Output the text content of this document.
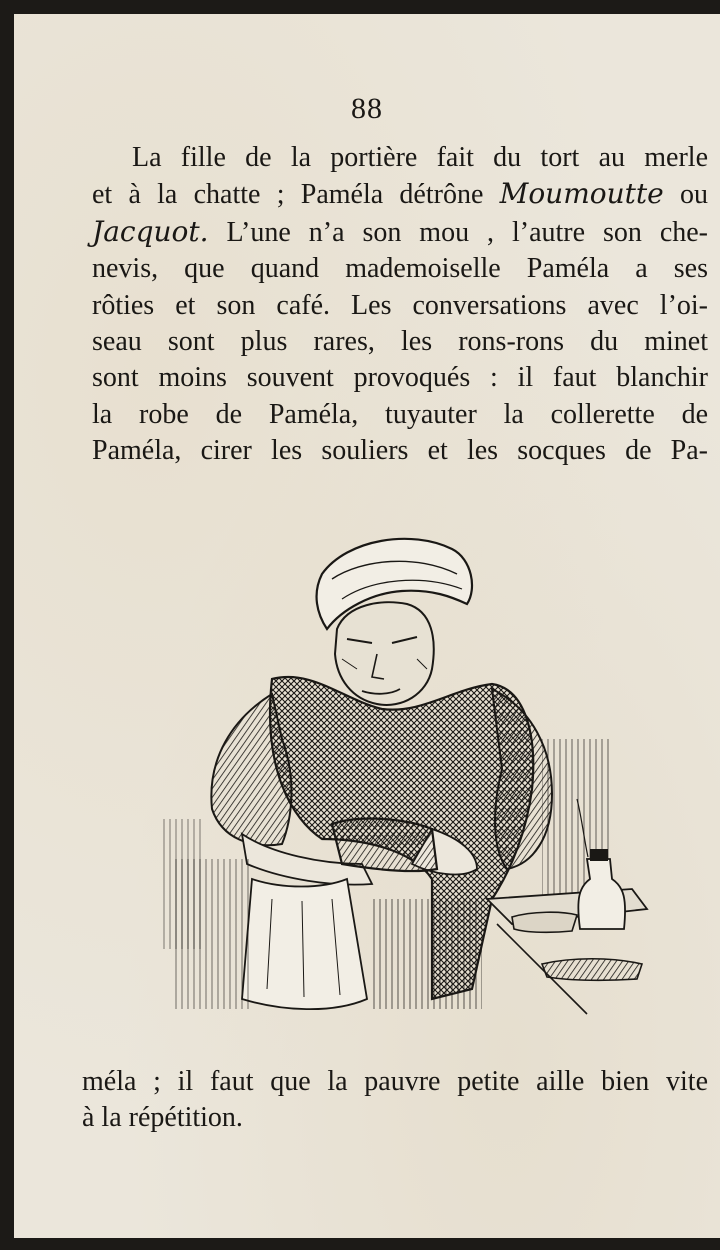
88
La fille de la portière fait du tort au merle
et à la chatte ; Paméla détrône Moumoutte ou
Jacquot. L’une n’a son mou , l’autre son che-
nevis, que quand mademoiselle Paméla a ses
rôties et son café. Les conversations avec l’oi-
seau sont plus rares, les rons-rons du minet
sont moins souvent provoqués : il faut blanchir
la robe de Paméla, tuyauter la collerette de
Paméla, cirer les souliers et les socques de Pa-
méla ; il faut que la pauvre petite aille bien vite
à la répétition.
